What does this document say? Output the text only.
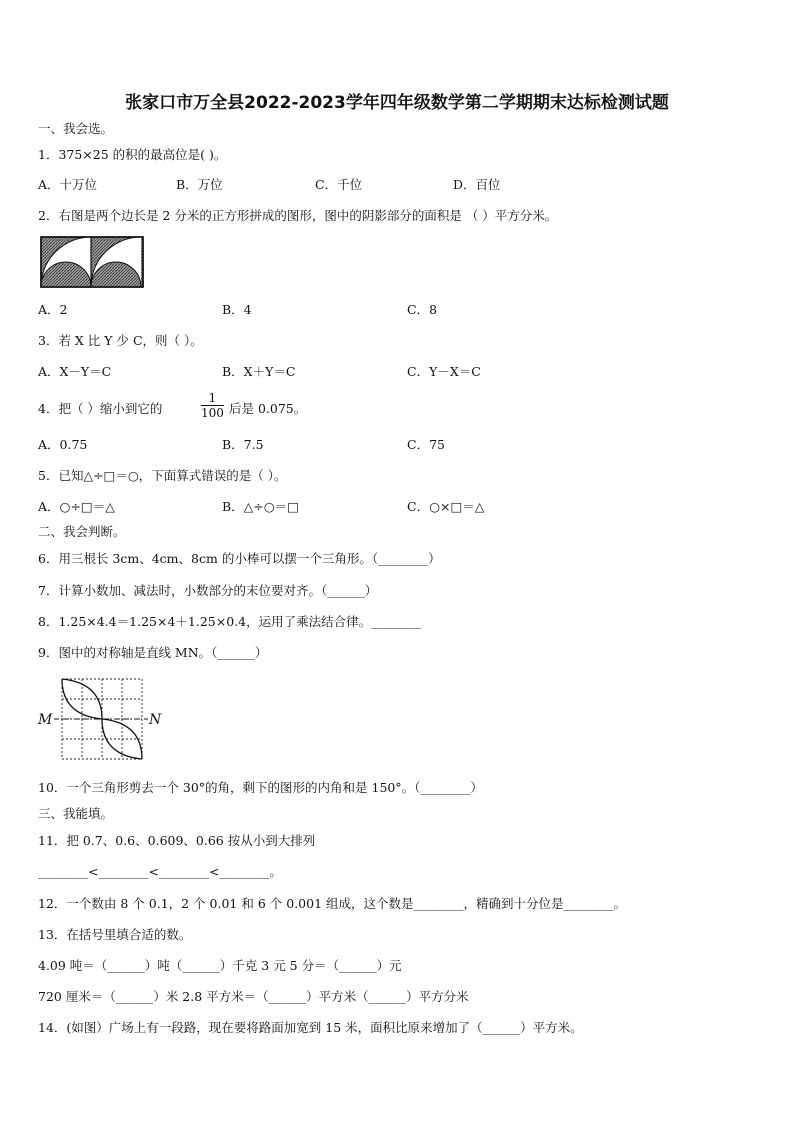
张家口市万全县2022-2023学年四年级数学第二学期期末达标检测试题
一、我会选。
1．375×25 的积的最高位是( )。
A．十万位	B．万位	C．千位	D．百位
2．右图是两个边长是 2 分米的正方形拼成的图形，图中的阴影部分的面积是 （ ）平方分米。
A．2	B．4	C．8
3．若 X 比 Y 少 C，则（ ）。
A．X－Y＝C	B．X＋Y＝C	C．Y－X＝C
4．把（ ）缩小到它的	$\frac{1}{100}$ 后是 0.075。
A．0.75	B．7.5	C．75
5．已知△÷□＝○，下面算式错误的是（ ）。
A．○÷□＝△	B．△÷○＝□	C．○×□＝△
二、我会判断。
6．用三根长 3cm、4cm、8cm 的小棒可以摆一个三角形。（________）
7．计算小数加、减法时，小数部分的末位要对齐。（______）
8．1.25×4.4＝1.25×4＋1.25×0.4，运用了乘法结合律。________
9．图中的对称轴是直线 MN。（______）
M	N
10．一个三角形剪去一个 30°的角，剩下的图形的内角和是 150°。（________）
三、我能填。
11．把 0.7、0.6、0.609、0.66 按从小到大排列
________<________<________<________。
12．一个数由 8 个 0.1，2 个 0.01 和 6 个 0.001 组成，这个数是________，精确到十分位是________。
13．在括号里填合适的数。
4.09 吨＝（______）吨（______）千克 3 元 5 分＝（______）元
720 厘米＝（______）米 2.8 平方米＝（______）平方米（______）平方分米
14．(如图）广场上有一段路，现在要将路面加宽到 15 米，面积比原来增加了（______）平方米。
